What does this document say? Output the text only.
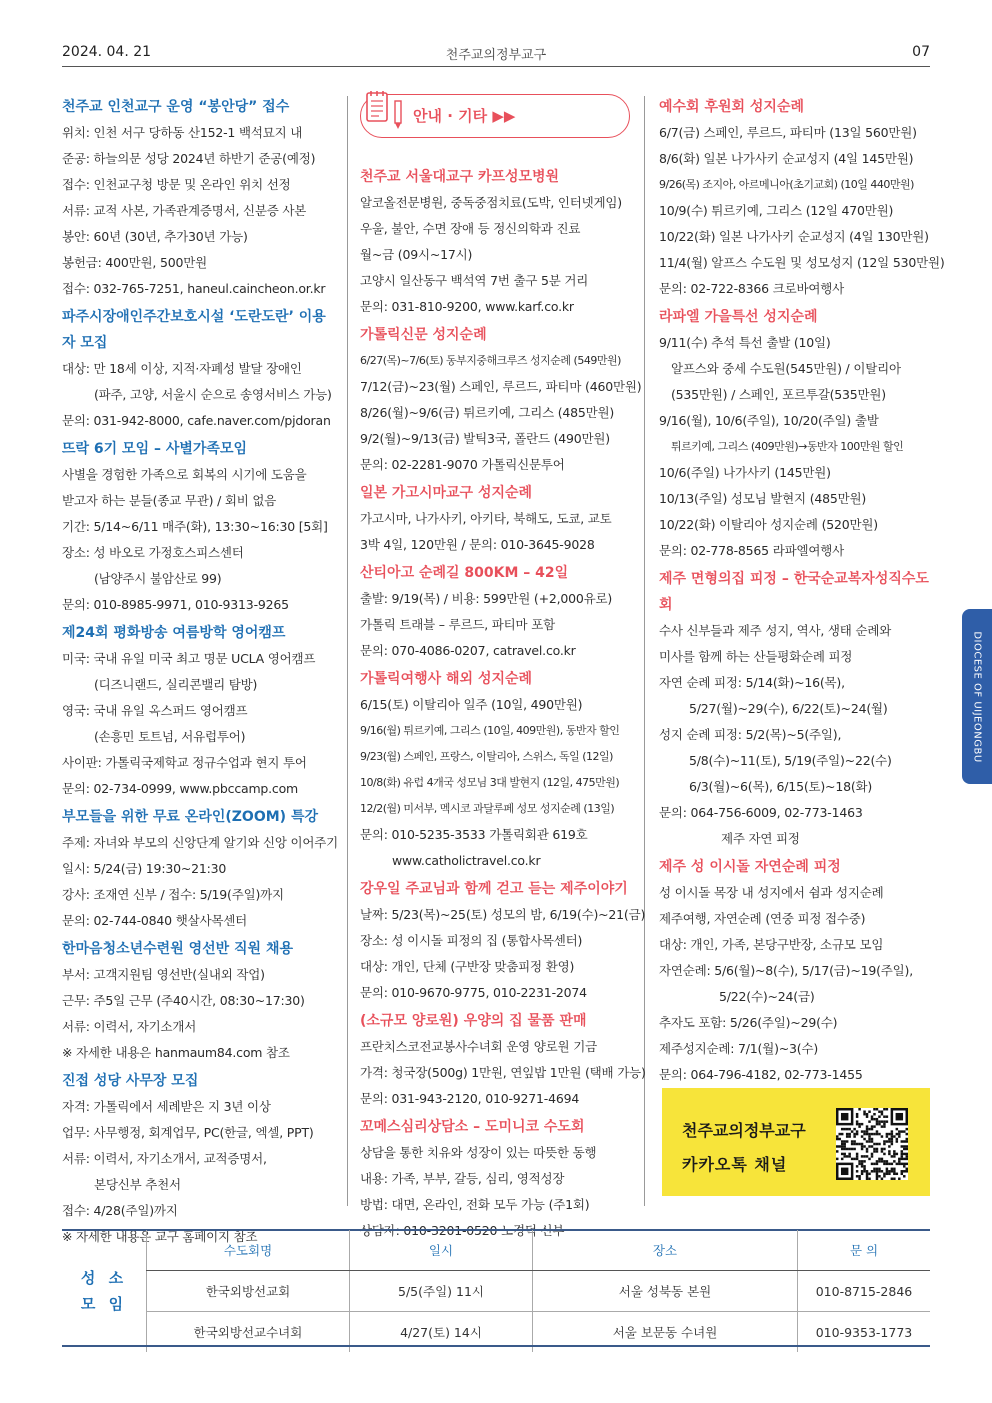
2024. 04. 21	천주교의정부교구	07
천주교 인천교구 운영 “봉안당” 접수
위치: 인천 서구 당하동 산152-1 백석묘지 내
준공: 하늘의문 성당 2024년 하반기 준공(예정)
접수: 인천교구청 방문 및 온라인 위치 선정
서류: 교적 사본, 가족관계증명서, 신분증 사본
봉안: 60년 (30년, 추가30년 가능)
봉헌금: 400만원, 500만원
접수: 032-765-7251, haneul.caincheon.or.kr
파주시장애인주간보호시설 ‘도란도란’ 이용자 모집
대상: 만 18세 이상, 지적·자폐성 발달 장애인
(파주, 고양, 서울시 순으로 송영서비스 가능)
문의: 031-942-8000, cafe.naver.com/pjdoran
뜨락 6기 모임 – 사별가족모임
사별을 경험한 가족으로 회복의 시기에 도움을
받고자 하는 분들(종교 무관) / 회비 없음
기간: 5/14~6/11 매주(화), 13:30~16:30 [5회]
장소: 성 바오로 가정호스피스센터
(남양주시 불암산로 99)
문의: 010-8985-9971, 010-9313-9265
제24회 평화방송 여름방학 영어캠프
미국: 국내 유일 미국 최고 명문 UCLA 영어캠프
(디즈니랜드, 실리콘밸리 탐방)
영국: 국내 유일 옥스퍼드 영어캠프
(손흥민 토트넘, 서유럽투어)
사이판: 가톨릭국제학교 정규수업과 현지 투어
문의: 02-734-0999, www.pbccamp.com
부모들을 위한 무료 온라인(ZOOM) 특강
주제: 자녀와 부모의 신앙단계 알기와 신앙 이어주기
일시: 5/24(금) 19:30~21:30
강사: 조재연 신부 / 접수: 5/19(주일)까지
문의: 02-744-0840 햇살사목센터
한마음청소년수련원 영선반 직원 채용
부서: 고객지원팀 영선반(실내외 작업)
근무: 주5일 근무 (주40시간, 08:30~17:30)
서류: 이력서, 자기소개서
※ 자세한 내용은 hanmaum84.com 참조
진접 성당 사무장 모집
자격: 가톨릭에서 세례받은 지 3년 이상
업무: 사무행정, 회계업무, PC(한글, 엑셀, PPT)
서류: 이력서, 자기소개서, 교적증명서,
본당신부 추천서
접수: 4/28(주일)까지
※ 자세한 내용은 교구 홈페이지 참조
안내 · 기타 ▶▶
천주교 서울대교구 카프성모병원
알코올전문병원, 중독중점치료(도박, 인터넷게임)
우울, 불안, 수면 장애 등 정신의학과 진료
월~금 (09시~17시)
고양시 일산동구 백석역 7번 출구 5분 거리
문의: 031-810-9200, www.karf.co.kr
가톨릭신문 성지순례
6/27(목)~7/6(토) 동부지중해크루즈 성지순례 (549만원)
7/12(금)~23(월) 스페인, 루르드, 파티마 (460만원)
8/26(월)~9/6(금) 튀르키예, 그리스 (485만원)
9/2(월)~9/13(금) 발틱3국, 폴란드 (490만원)
문의: 02-2281-9070 가톨릭신문투어
일본 가고시마교구 성지순례
가고시마, 나가사키, 아키타, 북해도, 도쿄, 교토
3박 4일, 120만원 / 문의: 010-3645-9028
산티아고 순례길 800KM – 42일
출발: 9/19(목) / 비용: 599만원 (+2,000유로)
가톨릭 트래블 – 루르드, 파티마 포함
문의: 070-4086-0207, catravel.co.kr
가톨릭여행사 해외 성지순례
6/15(토) 이탈리아 일주 (10일, 490만원)
9/16(월) 튀르키예, 그리스 (10일, 409만원), 동반자 할인
9/23(월) 스페인, 프랑스, 이탈리아, 스위스, 독일 (12일)
10/8(화) 유럽 4개국 성모님 3대 발현지 (12일, 475만원)
12/2(월) 미서부, 멕시코 과달루페 성모 성지순례 (13일)
문의: 010-5235-3533 가톨릭회관 619호
www.catholictravel.co.kr
강우일 주교님과 함께 걷고 듣는 제주이야기
날짜: 5/23(목)~25(토) 성모의 밤, 6/19(수)~21(금)
장소: 성 이시돌 피정의 집 (통합사목센터)
대상: 개인, 단체 (구반장 맞춤피정 환영)
문의: 010-9670-9775, 010-2231-2074
(소규모 양로원) 우양의 집 물품 판매
프란치스코전교봉사수녀회 운영 양로원 기금
가격: 청국장(500g) 1만원, 연잎밥 1만원 (택배 가능)
문의: 031-943-2120, 010-9271-4694
꼬메스심리상담소 – 도미니코 수도회
상담을 통한 치유와 성장이 있는 따뜻한 동행
내용: 가족, 부부, 갈등, 심리, 영적성장
방법: 대면, 온라인, 전화 모두 가능 (주1회)
상담자: 010-3201-0520 노경덕 신부
예수회 후원회 성지순례
6/7(금) 스페인, 루르드, 파티마 (13일 560만원)
8/6(화) 일본 나가사키 순교성지 (4일 145만원)
9/26(목) 조지아, 아르메니아(초기교회) (10일 440만원)
10/9(수) 튀르키예, 그리스 (12일 470만원)
10/22(화) 일본 나가사키 순교성지 (4일 130만원)
11/4(월) 알프스 수도원 및 성모성지 (12일 530만원)
문의: 02-722-8366 크로바여행사
라파엘 가을특선 성지순례
9/11(수) 추석 특선 출발 (10일)
알프스와 중세 수도원(545만원) / 이탈리아
(535만원) / 스페인, 포르투갈(535만원)
9/16(월), 10/6(주일), 10/20(주일) 출발
튀르키예, 그리스 (409만원)→동반자 100만원 할인
10/6(주일) 나가사키 (145만원)
10/13(주일) 성모님 발현지 (485만원)
10/22(화) 이탈리아 성지순례 (520만원)
문의: 02-778-8565 라파엘여행사
제주 면형의집 피정 – 한국순교복자성직수도회
수사 신부들과 제주 성지, 역사, 생태 순례와
미사를 함께 하는 산들평화순례 피정
자연 순례 피정: 5/14(화)~16(목),
5/27(월)~29(수), 6/22(토)~24(월)
성지 순례 피정: 5/2(목)~5(주일),
5/8(수)~11(토), 5/19(주일)~22(수)
6/3(월)~6(목), 6/15(토)~18(화)
문의: 064-756-6009, 02-773-1463
제주 자연 피정
제주 성 이시돌 자연순례 피정
성 이시돌 목장 내 성지에서 쉼과 성지순례
제주여행, 자연순례 (연중 피정 접수중)
대상: 개인, 가족, 본당구반장, 소규모 모임
자연순례: 5/6(월)~8(수), 5/17(금)~19(주일),
5/22(수)~24(금)
추자도 포함: 5/26(주일)~29(수)
제주성지순례: 7/1(월)~3(수)
문의: 064-796-4182, 02-773-1455
천주교의정부교구
카카오톡 채널
DIOCESE OF UIJEONGBU
성 소
모 임	수도회명	일시	장소	문 의
	한국외방선교회	5/5(주일) 11시	서울 성북동 본원	010-8715-2846
	한국외방선교수녀회	4/27(토) 14시	서울 보문동 수녀원	010-9353-1773
